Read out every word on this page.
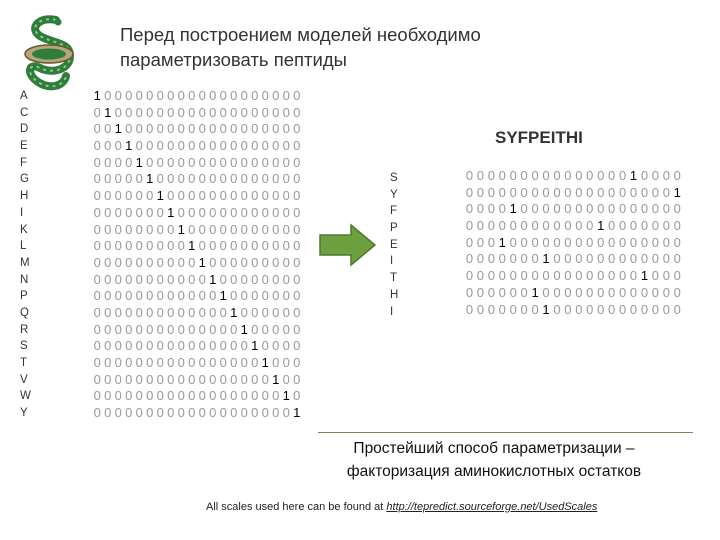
Перед построением моделей необходимо
параметризовать пептиды
A
C
D
E
F
G
H
I
K
L
M
N
P
Q
R
S
T
V
W
Y
1 0 0 0 0 0 0 0 0 0 0 0 0 0 0 0 0 0 0 0
0 1 0 0 0 0 0 0 0 0 0 0 0 0 0 0 0 0 0 0
0 0 1 0 0 0 0 0 0 0 0 0 0 0 0 0 0 0 0 0
0 0 0 1 0 0 0 0 0 0 0 0 0 0 0 0 0 0 0 0
0 0 0 0 1 0 0 0 0 0 0 0 0 0 0 0 0 0 0 0
0 0 0 0 0 1 0 0 0 0 0 0 0 0 0 0 0 0 0 0
0 0 0 0 0 0 1 0 0 0 0 0 0 0 0 0 0 0 0 0
0 0 0 0 0 0 0 1 0 0 0 0 0 0 0 0 0 0 0 0
0 0 0 0 0 0 0 0 1 0 0 0 0 0 0 0 0 0 0 0
0 0 0 0 0 0 0 0 0 1 0 0 0 0 0 0 0 0 0 0
0 0 0 0 0 0 0 0 0 0 1 0 0 0 0 0 0 0 0 0
0 0 0 0 0 0 0 0 0 0 0 1 0 0 0 0 0 0 0 0
0 0 0 0 0 0 0 0 0 0 0 0 1 0 0 0 0 0 0 0
0 0 0 0 0 0 0 0 0 0 0 0 0 1 0 0 0 0 0 0
0 0 0 0 0 0 0 0 0 0 0 0 0 0 1 0 0 0 0 0
0 0 0 0 0 0 0 0 0 0 0 0 0 0 0 1 0 0 0 0
0 0 0 0 0 0 0 0 0 0 0 0 0 0 0 0 1 0 0 0
0 0 0 0 0 0 0 0 0 0 0 0 0 0 0 0 0 1 0 0
0 0 0 0 0 0 0 0 0 0 0 0 0 0 0 0 0 0 1 0
0 0 0 0 0 0 0 0 0 0 0 0 0 0 0 0 0 0 0 1
SYFPEITHI
S
Y
F
P
E
I
T
H
I
0 0 0 0 0 0 0 0 0 0 0 0 0 0 0 1 0 0 0 0
0 0 0 0 0 0 0 0 0 0 0 0 0 0 0 0 0 0 0 1
0 0 0 0 1 0 0 0 0 0 0 0 0 0 0 0 0 0 0 0
0 0 0 0 0 0 0 0 0 0 0 0 1 0 0 0 0 0 0 0
0 0 0 1 0 0 0 0 0 0 0 0 0 0 0 0 0 0 0 0
0 0 0 0 0 0 0 1 0 0 0 0 0 0 0 0 0 0 0 0
0 0 0 0 0 0 0 0 0 0 0 0 0 0 0 0 1 0 0 0
0 0 0 0 0 0 1 0 0 0 0 0 0 0 0 0 0 0 0 0
0 0 0 0 0 0 0 1 0 0 0 0 0 0 0 0 0 0 0 0
Простейший способ параметризации –
факторизация аминокислотных остатков
All scales used here can be found at http://tepredict.sourceforge.net/UsedScales
